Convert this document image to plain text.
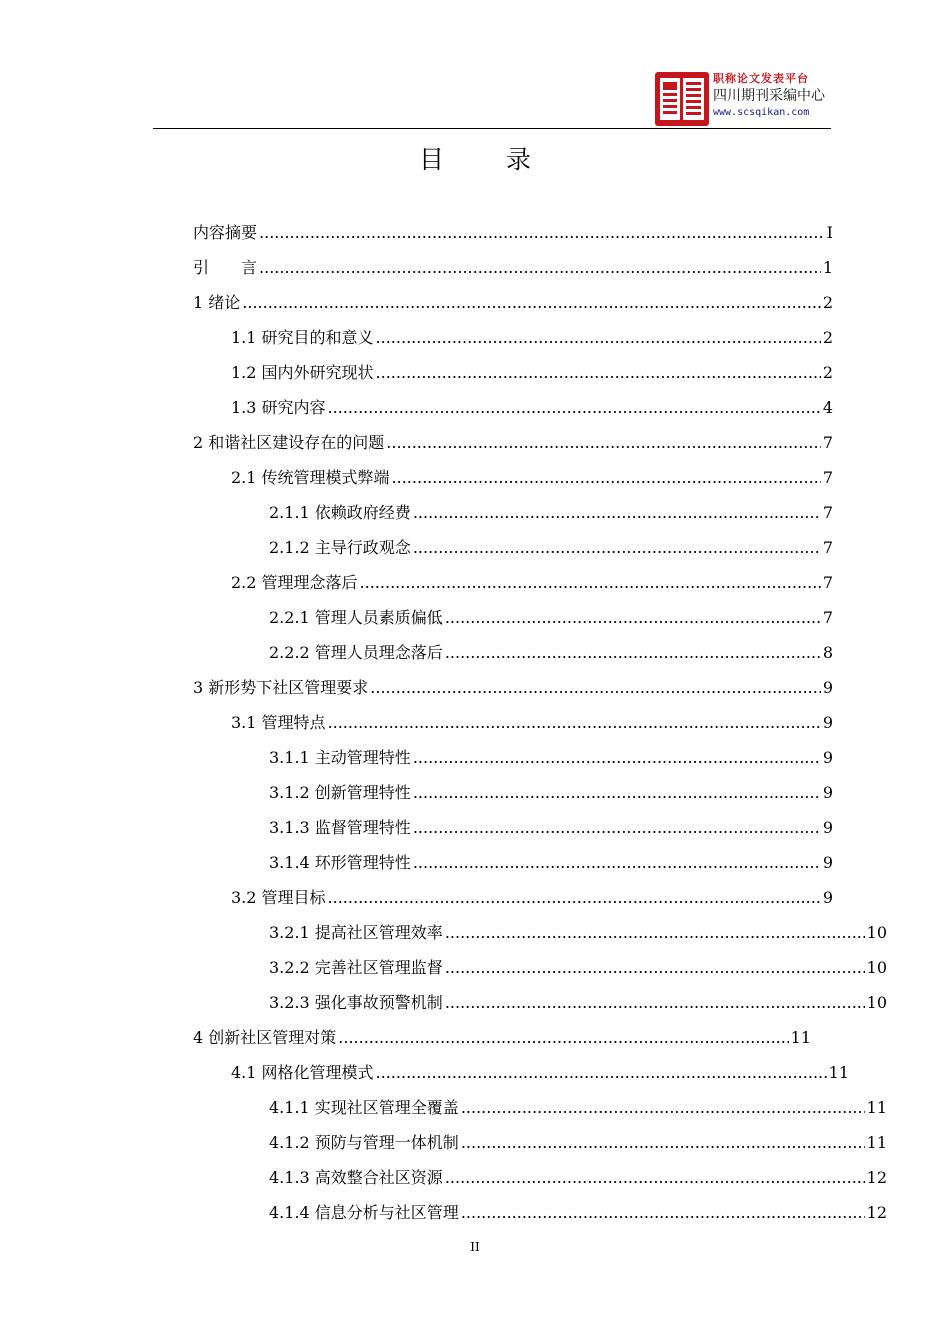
职称论文发表平台
四川期刊采编中心
www.scsqikan.com
目录
内容摘要 .....	I
引　　言 .....	1
1 绪论 .....	2
1.1 研究目的和意义 .....	2
1.2 国内外研究现状 .....	2
1.3 研究内容 .....	4
2 和谐社区建设存在的问题 .....	7
2.1 传统管理模式弊端 .....	7
2.1.1 依赖政府经费 .....	7
2.1.2 主导行政观念 .....	7
2.2 管理理念落后 .....	7
2.2.1 管理人员素质偏低 .....	7
2.2.2 管理人员理念落后 .....	8
3 新形势下社区管理要求 .....	9
3.1 管理特点 .....	9
3.1.1 主动管理特性 .....	9
3.1.2 创新管理特性 .....	9
3.1.3 监督管理特性 .....	9
3.1.4 环形管理特性 .....	9
3.2 管理目标 .....	9
3.2.1 提高社区管理效率 .....	10
3.2.2 完善社区管理监督 .....	10
3.2.3 强化事故预警机制 .....	10
4 创新社区管理对策 .....	11
4.1 网格化管理模式 .....	11
4.1.1 实现社区管理全覆盖 .....	11
4.1.2 预防与管理一体机制 .....	11
4.1.3 高效整合社区资源 .....	12
4.1.4 信息分析与社区管理 .....	12
II
